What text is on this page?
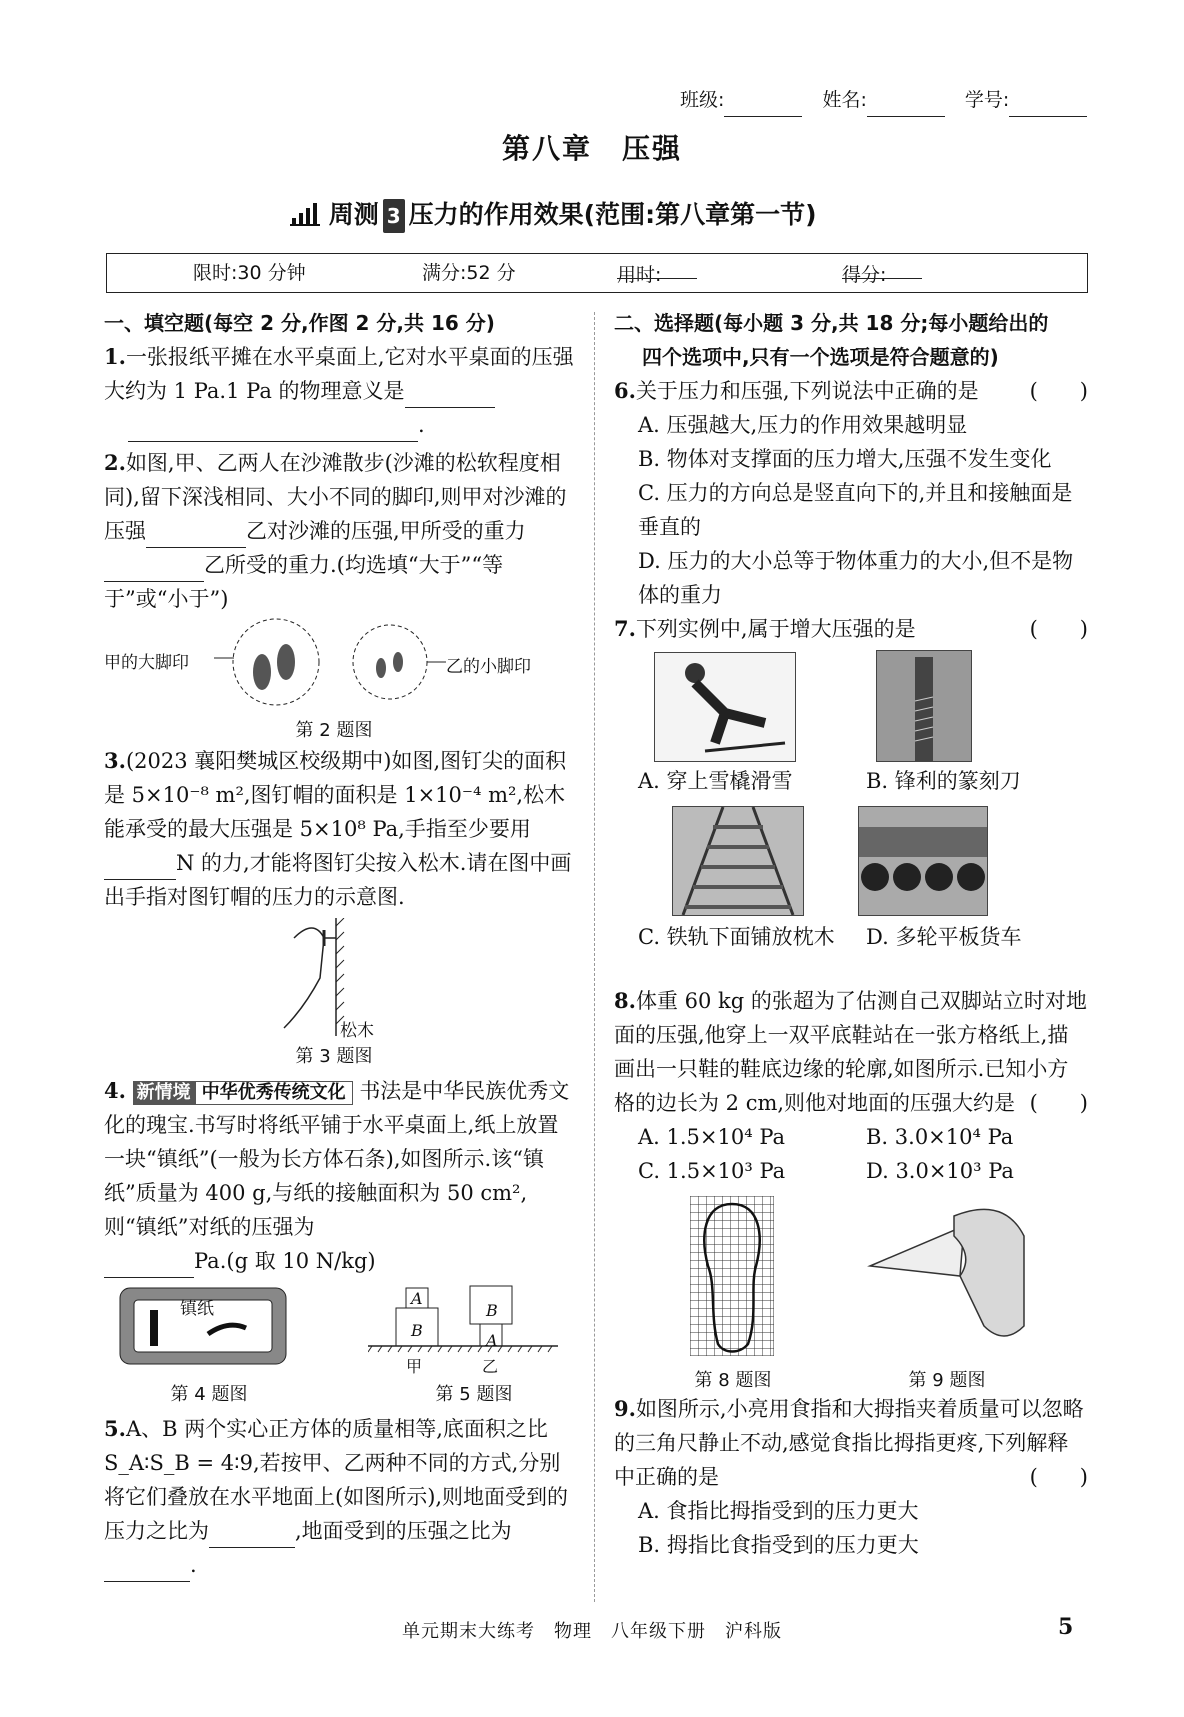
班级:	姓名:	学号:
第八章　压强
周测 3 压力的作用效果(范围:第八章第一节)
限时:30 分钟	满分:52 分	用时:	得分:
一、填空题(每空 2 分,作图 2 分,共 16 分)

1.一张报纸平摊在水平桌面上,它对水平桌面的压强大约为 1 Pa.1 Pa 的物理意义是
.

2.如图,甲、乙两人在沙滩散步(沙滩的松软程度相同),留下深浅相同、大小不同的脚印,则甲对沙滩的压强	乙对沙滩的压强,甲所受的重力乙所受的重力.(均选填“大于”“等于”或“小于”)

甲的大脚印	乙的小脚印
第 2 题图

3.(2023 襄阳樊城区校级期中)如图,图钉尖的面积是 5×10⁻⁸ m²,图钉帽的面积是 1×10⁻⁴ m²,松木能承受的最大压强是 5×10⁸ Pa,手指至少要用N 的力,才能将图钉尖按入松木.请在图中画出手指对图钉帽的压力的示意图.

松木
第 3 题图

4. 新情境 中华优秀传统文化 书法是中华民族优秀文化的瑰宝.书写时将纸平铺于水平桌面上,纸上放置一块“镇纸”(一般为长方体石条),如图所示.该“镇纸”质量为 400 g,与纸的接触面积为 50 cm²,则“镇纸”对纸的压强为
Pa.(g 取 10 N/kg)

镇纸
第 4 题图
A
B
B
A
甲	乙
第 5 题图

5.A、B 两个实心正方体的质量相等,底面积之比 S_A∶S_B = 4∶9,若按甲、乙两种不同的方式,分别将它们叠放在水平地面上(如图所示),则地面受到的压力之比为	,地面受到的压强之比为.

二、选择题(每小题 3 分,共 18 分;每小题给出的
四个选项中,只有一个选项是符合题意的)

6.关于压力和压强,下列说法中正确的是 (　　)

A. 压强越大,压力的作用效果越明显
B. 物体对支撑面的压力增大,压强不发生变化
C. 压力的方向总是竖直向下的,并且和接触面是垂直的
D. 压力的大小总等于物体重力的大小,但不是物体的重力

7.下列实例中,属于增大压强的是	(　　)

A. 穿上雪橇滑雪	B. 锋利的篆刻刀
C. 铁轨下面铺放枕木 D. 多轮平板货车

8.体重 60 kg 的张超为了估测自己双脚站立时对地面的压强,他穿上一双平底鞋站在一张方格纸上,描画出一只鞋的鞋底边缘的轮廓,如图所示.已知小方格的边长为 2 cm,则他对地面的压强大约是 (　　)

A. 1.5×10⁴ Pa	B. 3.0×10⁴ Pa
C. 1.5×10³ Pa	D. 3.0×10³ Pa
第 8 题图	第 9 题图

9.如图所示,小亮用食指和大拇指夹着质量可以忽略的三角尺静止不动,感觉食指比拇指更疼,下列解释中正确的是	(　　)

A. 食指比拇指受到的压力更大
B. 拇指比食指受到的压力更大
单元期末大练考　物理　八年级下册　沪科版	5
